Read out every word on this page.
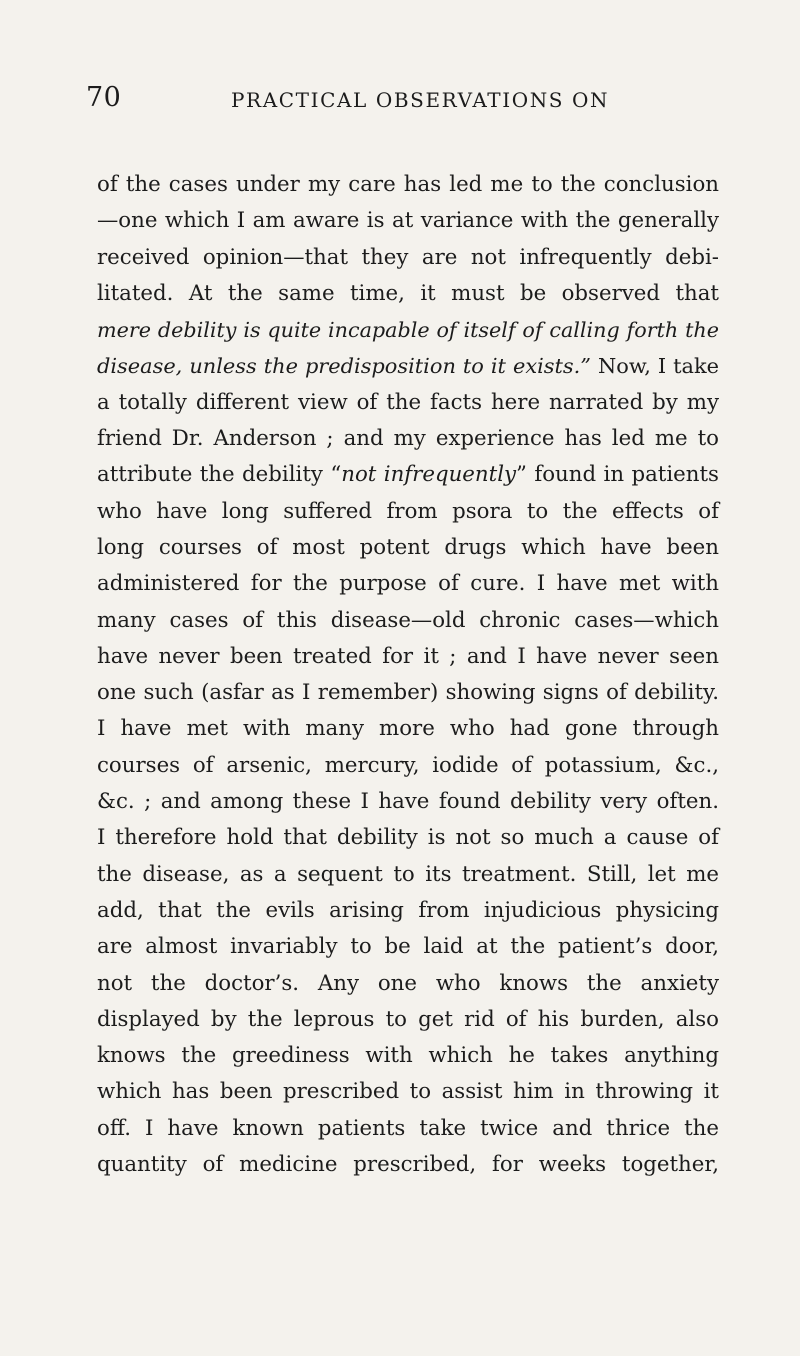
70	PRACTICAL OBSERVATIONS ON
of the cases under my care has led me to the conclusion
—one which I am aware is at variance with the generally
received opinion—that they are not infrequently debi-
litated. At the same time, it must be observed that
mere debility is quite incapable of itself of calling forth the
disease, unless the predisposition to it exists.” Now, I take
a totally different view of the facts here narrated by my
friend Dr. Anderson ; and my experience has led me to
attribute the debility “not infrequently” found in patients
who have long suffered from psora to the effects of
long courses of most potent drugs which have been
administered for the purpose of cure. I have met with
many cases of this disease—old chronic cases—which
have never been treated for it ; and I have never seen
one such (asfar as I remember) showing signs of debility.
I have met with many more who had gone through
courses of arsenic, mercury, iodide of potassium, &c.,
&c. ; and among these I have found debility very often.
I therefore hold that debility is not so much a cause of
the disease, as a sequent to its treatment. Still, let me
add, that the evils arising from injudicious physicing
are almost invariably to be laid at the patient’s door,
not the doctor’s. Any one who knows the anxiety
displayed by the leprous to get rid of his burden, also
knows the greediness with which he takes anything
which has been prescribed to assist him in throwing it
off. I have known patients take twice and thrice the
quantity of medicine prescribed, for weeks together,
